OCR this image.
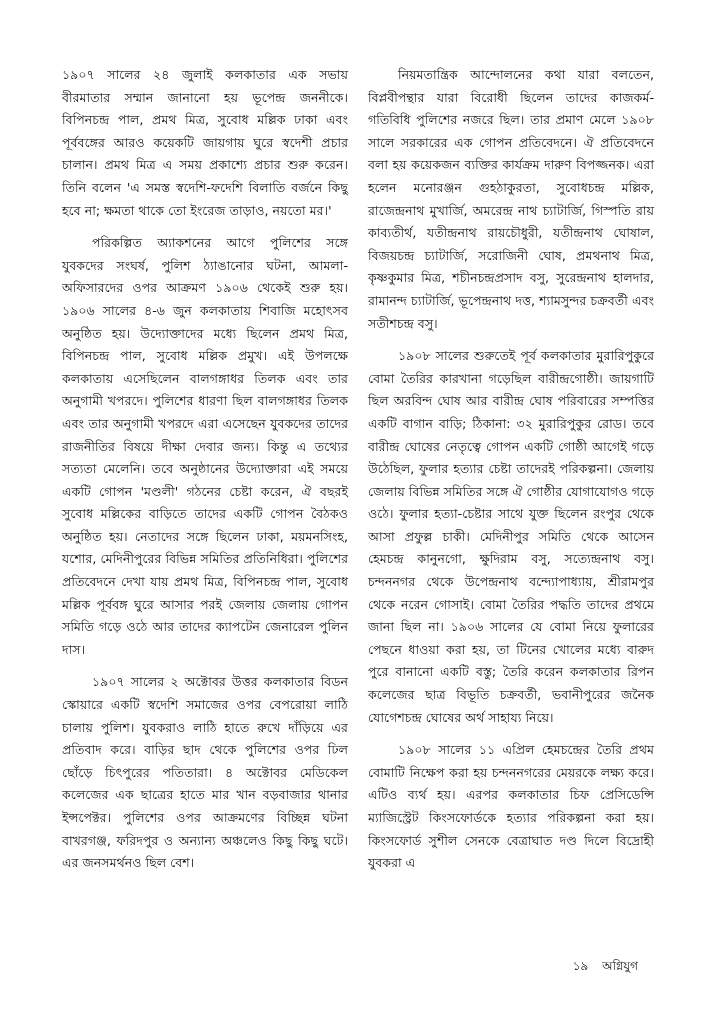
১৯০৭ সালের ২৪ জুলাই কলকাতার এক সভায় বীরমাতার সম্মান জানানো হয় ভূপেন্দ্র জননীকে। বিপিনচন্দ্র পাল, প্রমথ মিত্র, সুবোধ মল্লিক ঢাকা এবং পূর্ববঙ্গের আরও কয়েকটি জায়গায় ঘুরে স্বদেশী প্রচার চালান। প্রমথ মিত্র এ সময় প্রকাশ্যে প্রচার শুরু করেন। তিনি বলেন 'এ সমস্ত স্বদেশি-ফদেশি বিলাতি বর্জনে কিছু হবে না; ক্ষমতা থাকে তো ইংরেজ তাড়াও, নয়তো মর।'

পরিকল্পিত অ্যাকশনের আগে পুলিশের সঙ্গে যুবকদের সংঘর্ষ, পুলিশ ঠ্যাঙানোর ঘটনা, আমলা-অফিসারদের ওপর আক্রমণ ১৯০৬ থেকেই শুরু হয়। ১৯০৬ সালের ৪-৬ জুন কলকাতায় শিবাজি মহোৎসব অনুষ্ঠিত হয়। উদ্যোক্তাদের মধ্যে ছিলেন প্রমথ মিত্র, বিপিনচন্দ্র পাল, সুবোধ মল্লিক প্রমুখ। এই উপলক্ষে কলকাতায় এসেছিলেন বালগঙ্গাধর তিলক এবং তার অনুগামী খপরদে। পুলিশের ধারণা ছিল বালগঙ্গাধর তিলক এবং তার অনুগামী খপরদে এরা এসেছেন যুবকদের তাদের রাজনীতির বিষয়ে দীক্ষা দেবার জন্য। কিন্তু এ তথ্যের সত্যতা মেলেনি। তবে অনুষ্ঠানের উদ্যোক্তারা এই সময়ে একটি গোপন 'মণ্ডলী' গঠনের চেষ্টা করেন, ঐ বছরই সুবোধ মল্লিকের বাড়িতে তাদের একটি গোপন বৈঠকও অনুষ্ঠিত হয়। নেতাদের সঙ্গে ছিলেন ঢাকা, ময়মনসিংহ, যশোর, মেদিনীপুরের বিভিন্ন সমিতির প্রতিনিধিরা। পুলিশের প্রতিবেদনে দেখা যায় প্রমথ মিত্র, বিপিনচন্দ্র পাল, সুবোধ মল্লিক পূর্ববঙ্গ ঘুরে আসার পরই জেলায় জেলায় গোপন সমিতি গড়ে ওঠে আর তাদের ক্যাপটেন জেনারেল পুলিন দাস।

১৯০৭ সালের ২ অক্টোবর উত্তর কলকাতার বিডন স্কোয়ারে একটি স্বদেশি সমাজের ওপর বেপরোয়া লাঠি চালায় পুলিশ। যুবকরাও লাঠি হাতে রুখে দাঁড়িয়ে এর প্রতিবাদ করে। বাড়ির ছাদ থেকে পুলিশের ওপর ঢিল ছোঁড়ে চিৎপুরের পতিতারা। ৪ অক্টোবর মেডিকেল কলেজের এক ছাত্রের হাতে মার খান বড়বাজার থানার ইন্সপেক্টর। পুলিশের ওপর আক্রমণের বিচ্ছিন্ন ঘটনা বাখরগঞ্জ, ফরিদপুর ও অন্যান্য অঞ্চলেও কিছু কিছু ঘটে। এর জনসমর্থনও ছিল বেশ।

নিয়মতান্ত্রিক আন্দোলনের কথা যারা বলতেন, বিপ্লবীপন্থার যারা বিরোধী ছিলেন তাদের কাজকর্ম-গতিবিধি পুলিশের নজরে ছিল। তার প্রমাণ মেলে ১৯০৮ সালে সরকারের এক গোপন প্রতিবেদনে। ঐ প্রতিবেদনে বলা হয় কয়েকজন ব্যক্তির কার্যক্রম দারুণ বিপজ্জনক। এরা হলেন মনোরঞ্জন গুহঠাকুরতা, সুবোধচন্দ্র মল্লিক, রাজেন্দ্রনাথ মুখার্জি, অমরেন্দ্র নাথ চ্যাটার্জি, গিস্পতি রায় কাব্যতীর্থ, যতীন্দ্রনাথ রায়চৌধুরী, যতীন্দ্রনাথ ঘোষাল, বিজয়চন্দ্র চ্যাটার্জি, সরোজিনী ঘোষ, প্রমথনাথ মিত্র, কৃষ্ণকুমার মিত্র, শচীনচন্দ্রপ্রসাদ বসু, সুরেন্দ্রনাথ হালদার, রামানন্দ চ্যাটার্জি, ভূপেন্দ্রনাথ দত্ত, শ্যামসুন্দর চক্রবর্তী এবং সতীশচন্দ্র বসু।

১৯০৮ সালের শুরুতেই পূর্ব কলকাতার মুরারিপুকুরে বোমা তৈরির কারখানা গড়েছিল বারীন্দ্রগোষ্ঠী। জায়গাটি ছিল অরবিন্দ ঘোষ আর বারীন্দ্র ঘোষ পরিবারের সম্পত্তির একটি বাগান বাড়ি; ঠিকানা: ৩২ মুরারিপুকুর রোড। তবে বারীন্দ্র ঘোষের নেতৃত্বে গোপন একটি গোষ্ঠী আগেই গড়ে উঠেছিল, ফুলার হত্যার চেষ্টা তাদেরই পরিকল্পনা। জেলায় জেলায় বিভিন্ন সমিতির সঙ্গে ঐ গোষ্ঠীর যোগাযোগও গড়ে ওঠে। ফুলার হত্যা-চেষ্টার সাথে যুক্ত ছিলেন রংপুর থেকে আসা প্রফুল্ল চাকী। মেদিনীপুর সমিতি থেকে আসেন হেমচন্দ্র কানুনগো, ক্ষুদিরাম বসু, সত্যেন্দ্রনাথ বসু। চন্দননগর থেকে উপেন্দ্রনাথ বন্দ্যোপাধ্যায়, শ্রীরামপুর থেকে নরেন গোসাই। বোমা তৈরির পদ্ধতি তাদের প্রথমে জানা ছিল না। ১৯০৬ সালের যে বোমা নিয়ে ফুলারের পেছনে ধাওয়া করা হয়, তা টিনের খোলের মধ্যে বারুদ পুরে বানানো একটি বস্তু; তৈরি করেন কলকাতার রিপন কলেজের ছাত্র বিভূতি চক্রবর্তী, ভবানীপুরের জনৈক যোগেশচন্দ্র ঘোষের অর্থ সাহায্য নিয়ে।

১৯০৮ সালের ১১ এপ্রিল হেমচন্দ্রের তৈরি প্রথম বোমাটি নিক্ষেপ করা হয় চন্দননগরের মেয়রকে লক্ষ্য করে। এটিও ব্যর্থ হয়। এরপর কলকাতার চিফ প্রেসিডেন্সি ম্যাজিস্ট্রেট কিংসফোর্ডকে হত্যার পরিকল্পনা করা হয়। কিংসফোর্ড সুশীল সেনকে বেত্রাঘাত দণ্ড দিলে বিদ্রোহী যুবকরা এ

১৯ অগ্নিযুগ
